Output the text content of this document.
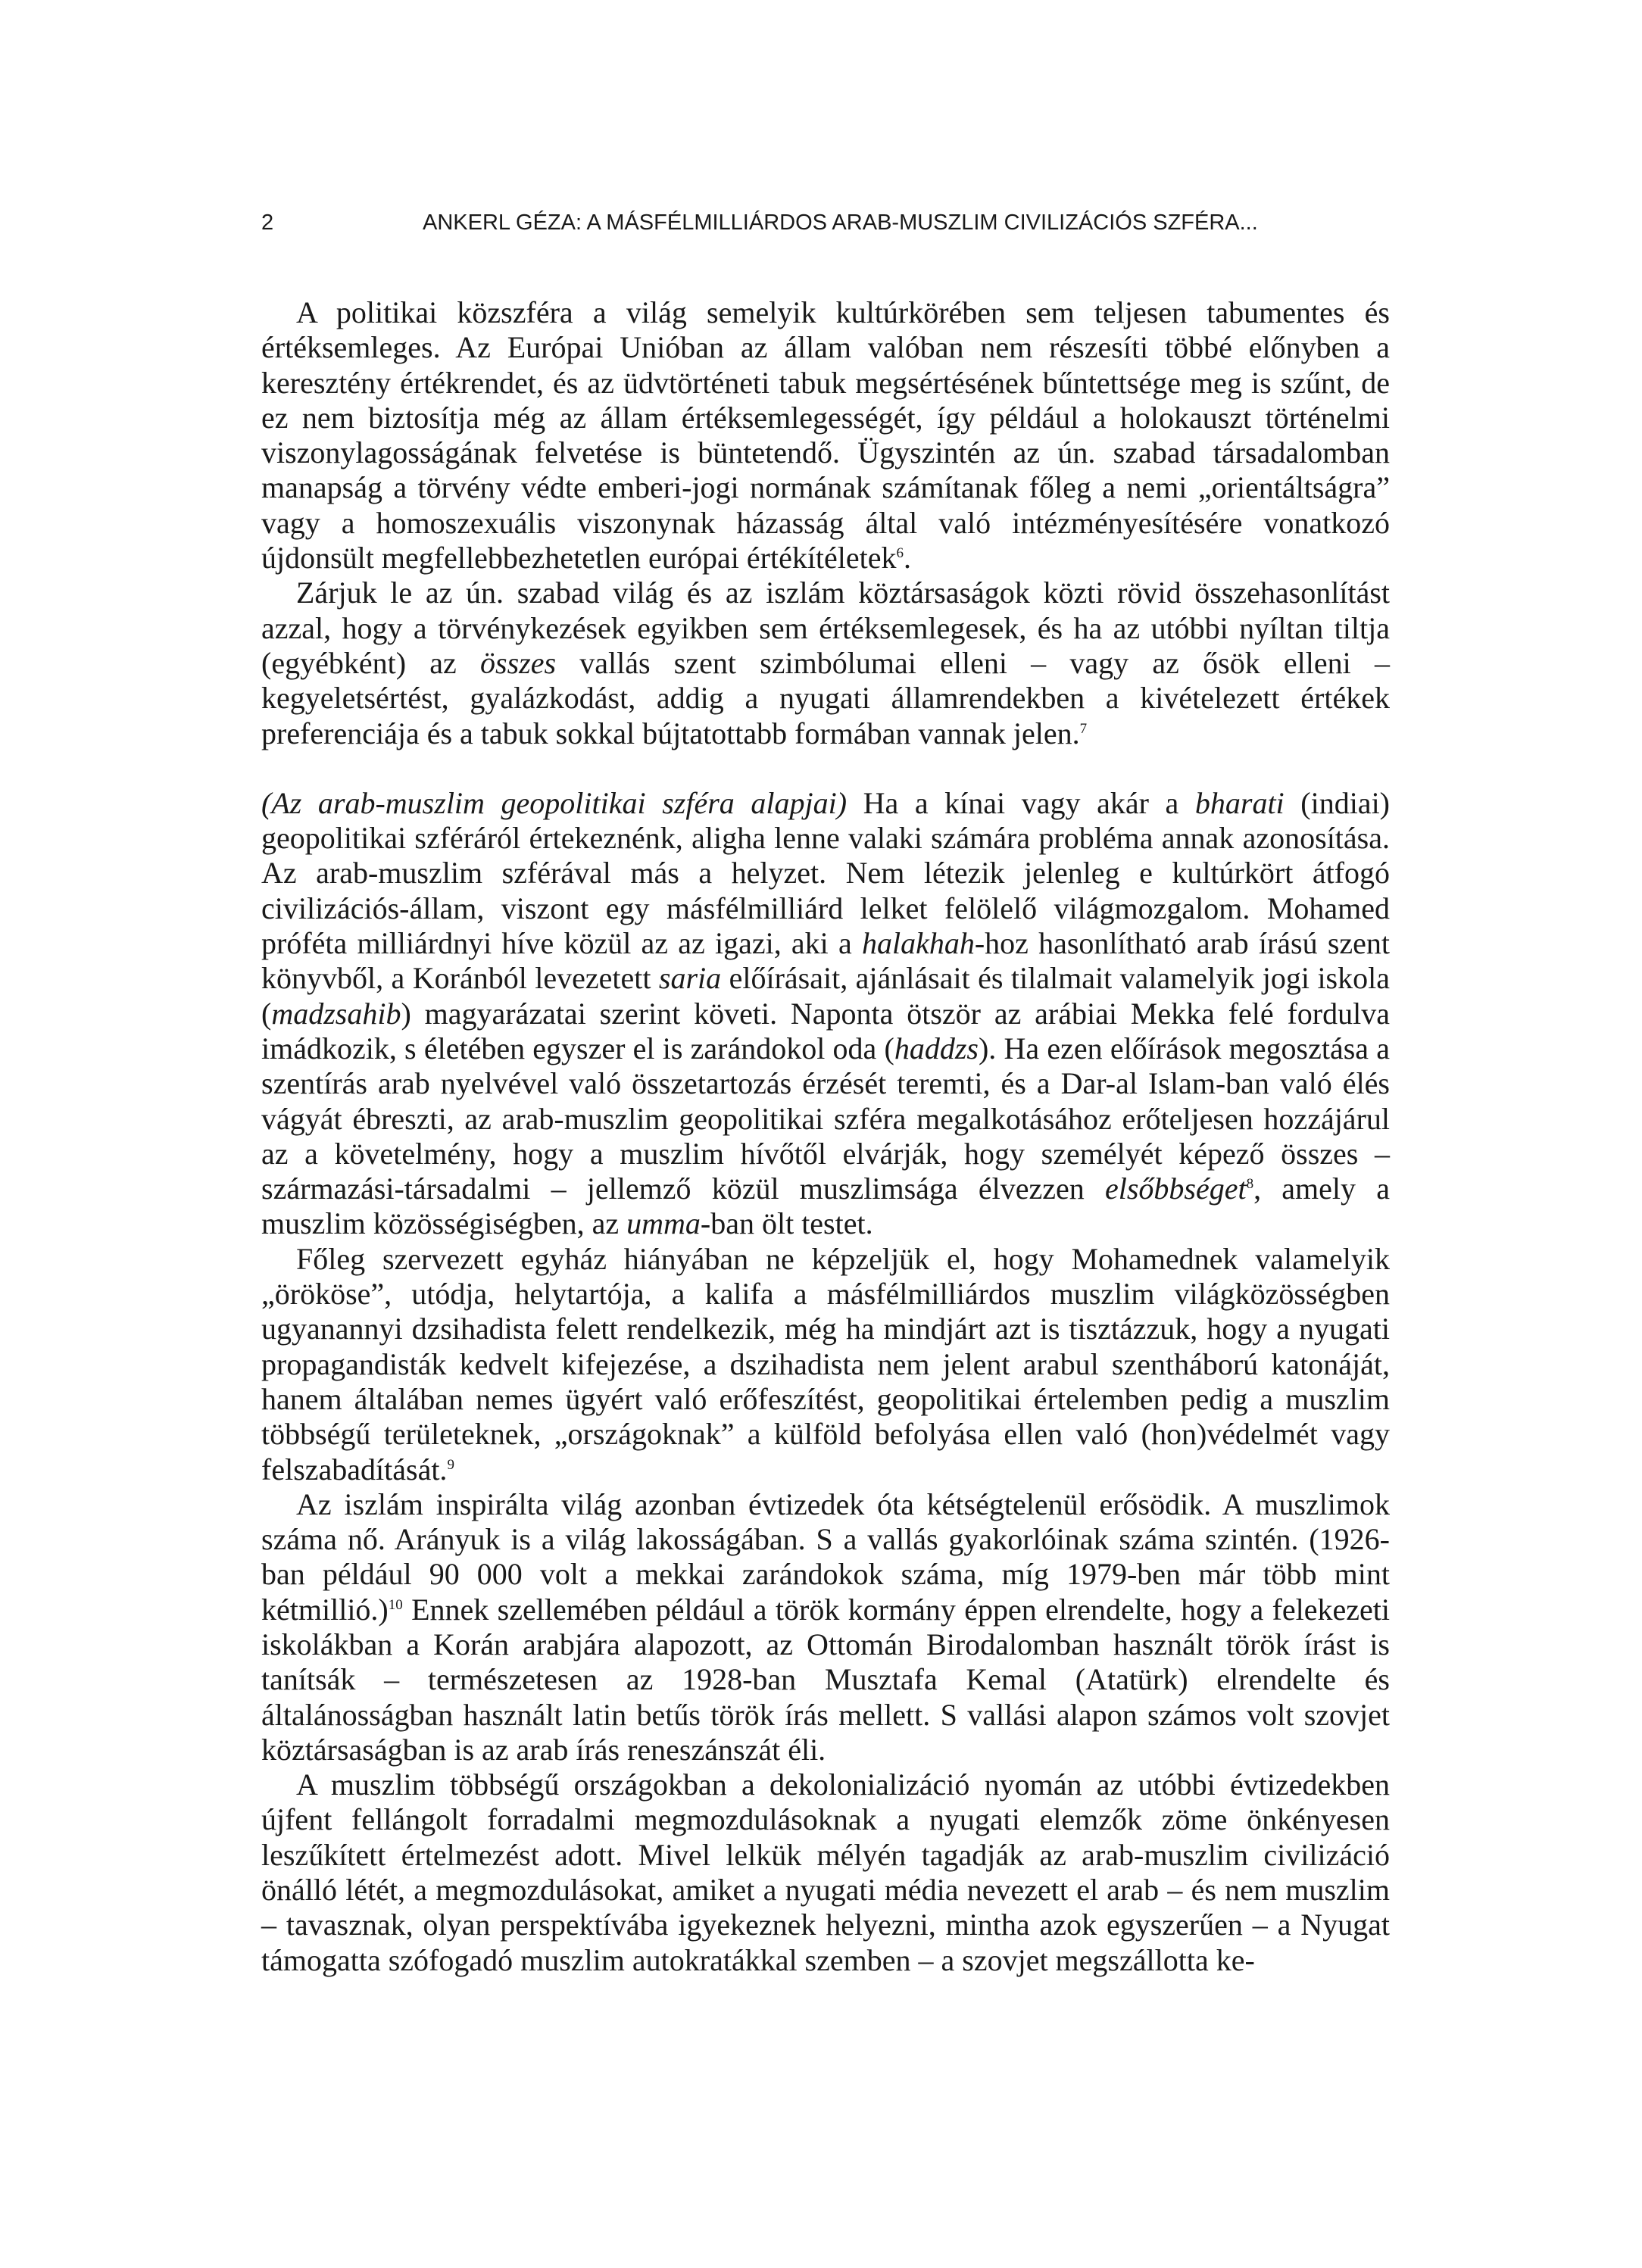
2	ANKERL GÉZA: A MÁSFÉLMILLIÁRDOS ARAB-MUSZLIM CIVILIZÁCIÓS SZFÉRA...

A politikai közszféra a világ semelyik kultúrkörében sem teljesen tabumentes és értéksemleges. Az Európai Unióban az állam valóban nem részesíti többé előnyben a keresztény értékrendet, és az üdvtörténeti tabuk megsértésének bűntettsége meg is szűnt, de ez nem biztosítja még az állam értéksemlegességét, így például a holokauszt történelmi viszonylagosságának felvetése is büntetendő. Ügyszintén az ún. szabad társadalomban manapság a törvény védte emberi-jogi normának számítanak főleg a nemi „orientáltságra” vagy a homoszexuális viszonynak házasság által való intézményesítésére vonatkozó újdonsült megfellebbezhetetlen európai értékítéletek$^6$.

Zárjuk le az ún. szabad világ és az iszlám köztársaságok közti rövid összehasonlítást azzal, hogy a törvénykezések egyikben sem értéksemlegesek, és ha az utóbbi nyíltan tiltja (egyébként) az összes vallás szent szimbólumai elleni – vagy az ősök elleni – kegyeletsértést, gyalázkodást, addig a nyugati államrendekben a kivételezett értékek preferenciája és a tabuk sokkal bújtatottabb formában vannak jelen.$^7$

(Az arab-muszlim geopolitikai szféra alapjai) Ha a kínai vagy akár a bharati (indiai) geopolitikai szféráról értekeznénk, aligha lenne valaki számára probléma annak azonosítása. Az arab-muszlim szférával más a helyzet. Nem létezik jelenleg e kultúrkört átfogó civilizációs-állam, viszont egy másfélmilliárd lelket felölelő világmozgalom. Mohamed próféta milliárdnyi híve közül az az igazi, aki a halakhah-hoz hasonlítható arab írású szent könyvből, a Koránból levezetett saria előírásait, ajánlásait és tilalmait valamelyik jogi iskola (madzsahib) magyarázatai szerint követi. Naponta ötször az arábiai Mekka felé fordulva imádkozik, s életében egyszer el is zarándokol oda (haddzs). Ha ezen előírások megosztása a szentírás arab nyelvével való összetartozás érzését teremti, és a Dar-al Islam-ban való élés vágyát ébreszti, az arab-muszlim geopolitikai szféra megalkotásához erőteljesen hozzájárul az a követelmény, hogy a muszlim hívőtől elvárják, hogy személyét képező összes – származási-társadalmi – jellemző közül muszlimsága élvezzen elsőbbséget$^8$, amely a muszlim közösségiségben, az umma-ban ölt testet.

Főleg szervezett egyház hiányában ne képzeljük el, hogy Mohamednek valamelyik „örököse”, utódja, helytartója, a kalifa a másfélmilliárdos muszlim világközösségben ugyanannyi dzsihadista felett rendelkezik, még ha mindjárt azt is tisztázzuk, hogy a nyugati propagandisták kedvelt kifejezése, a dszihadista nem jelent arabul szentháború katonáját, hanem általában nemes ügyért való erőfeszítést, geopolitikai értelemben pedig a muszlim többségű területeknek, „országoknak” a külföld befolyása ellen való (hon)védelmét vagy felszabadítását.$^9$

Az iszlám inspirálta világ azonban évtizedek óta kétségtelenül erősödik. A muszlimok száma nő. Arányuk is a világ lakosságában. S a vallás gyakorlóinak száma szintén. (1926-ban például 90 000 volt a mekkai zarándokok száma, míg 1979-ben már több mint kétmillió.)$^{10}$ Ennek szellemében például a török kormány éppen elrendelte, hogy a felekezeti iskolákban a Korán arabjára alapozott, az Ottomán Birodalomban használt török írást is tanítsák – természetesen az 1928-ban Musztafa Kemal (Atatürk) elrendelte és általánosságban használt latin betűs török írás mellett. S vallási alapon számos volt szovjet köztársaságban is az arab írás reneszánszát éli.

A muszlim többségű országokban a dekolonializáció nyomán az utóbbi évtizedekben újfent fellángolt forradalmi megmozdulásoknak a nyugati elemzők zöme önkényesen leszűkített értelmezést adott. Mivel lelkük mélyén tagadják az arab-muszlim civilizáció önálló létét, a megmozdulásokat, amiket a nyugati média nevezett el arab – és nem muszlim – tavasznak, olyan perspektívába igyekeznek helyezni, mintha azok egyszerűen – a Nyugat támogatta szófogadó muszlim autokratákkal szemben – a szovjet megszállotta ke-
